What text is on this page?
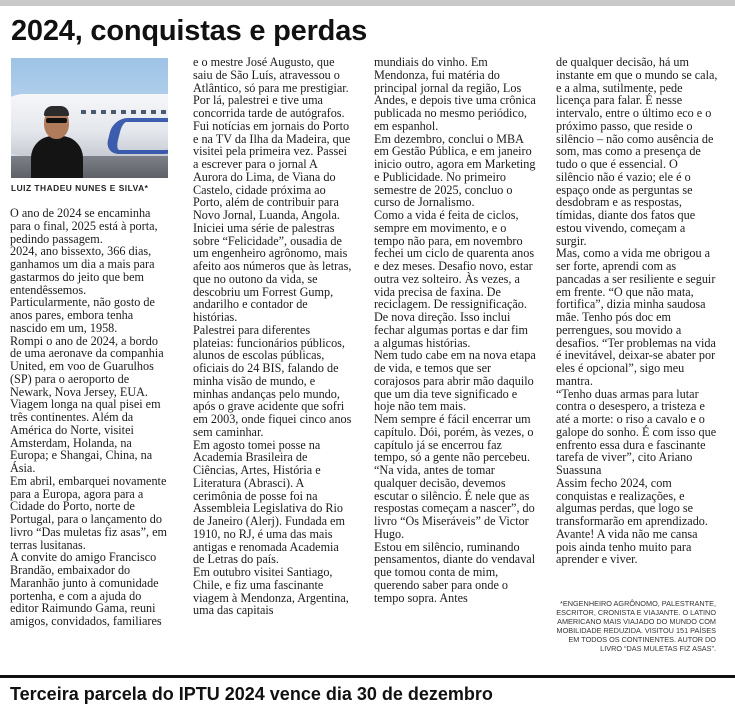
2024, conquistas e perdas
LUIZ THADEU NUNES E SILVA*
O ano de 2024 se encaminha para o final, 2025 está à porta, pedindo passagem.
2024, ano bissexto, 366 dias, ganhamos um dia a mais para gastarmos do jeito que bem entendêssemos.
Particularmente, não gosto de anos pares, embora tenha nascido em um, 1958.
Rompi o ano de 2024, a bordo de uma aeronave da companhia United, em voo de Guarulhos (SP) para o aeroporto de Newark, Nova Jersey, EUA. Viagem longa na qual pisei em três continentes. Além da América do Norte, visitei Amsterdam, Holanda, na Europa; e Shangai, China, na Ásia.
Em abril, embarquei novamente para a Europa, agora para a Cidade do Porto, norte de Portugal, para o lançamento do livro “Das muletas fiz asas”, em terras lusitanas.
A convite do amigo Francisco Brandão, embaixador do Maranhão junto à comunidade portenha, e com a ajuda do editor Raimundo Gama, reuni amigos, convidados, familiares
e o mestre José Augusto, que saiu de São Luís, atravessou o Atlântico, só para me prestigiar. Por lá, palestrei e tive uma concorrida tarde de autógrafos.
Fui notícias em jornais do Porto e na TV da Ilha da Madeira, que visitei pela primeira vez. Passei a escrever para o jornal A Aurora do Lima, de Viana do Castelo, cidade próxima ao Porto, além de contribuir para Novo Jornal, Luanda, Angola.
Iniciei uma série de palestras sobre “Felicidade”, ousadia de um engenheiro agrônomo, mais afeito aos números que às letras, que no outono da vida, se descobriu um Forrest Gump, andarilho e contador de histórias.
Palestrei para diferentes plateias: funcionários públicos, alunos de escolas públicas, oficiais do 24 BIS, falando de minha visão de mundo, e minhas andanças pelo mundo, após o grave acidente que sofri em 2003, onde fiquei cinco anos sem caminhar.
Em agosto tomei posse na Academia Brasileira de Ciências, Artes, História e Literatura (Abrasci). A cerimônia de posse foi na Assembleia Legislativa do Rio de Janeiro (Alerj). Fundada em 1910, no RJ, é uma das mais antigas e renomada Academia de Letras do país.
Em outubro visitei Santiago, Chile, e fiz uma fascinante viagem à Mendonza, Argentina, uma das capitais
mundiais do vinho. Em Mendonza, fui matéria do principal jornal da região, Los Andes, e depois tive uma crônica publicada no mesmo periódico, em espanhol.
Em dezembro, conclui o MBA em Gestão Pública, e em janeiro inicio outro, agora em Marketing e Publicidade. No primeiro semestre de 2025, concluo o curso de Jornalismo.
Como a vida é feita de ciclos, sempre em movimento, e o tempo não para, em novembro fechei um ciclo de quarenta anos e dez meses. Desafio novo, estar outra vez solteiro. Às vezes, a vida precisa de faxina. De reciclagem. De ressignificação. De nova direção. Isso inclui fechar algumas portas e dar fim a algumas histórias.
Nem tudo cabe em na nova etapa de vida, e temos que ser corajosos para abrir mão daquilo que um dia teve significado e hoje não tem mais.
Nem sempre é fácil encerrar um capítulo. Dói, porém, às vezes, o capítulo já se encerrou faz tempo, só a gente não percebeu.
“Na vida, antes de tomar qualquer decisão, devemos escutar o silêncio. É nele que as respostas começam a nascer”, do livro “Os Miseráveis” de Victor Hugo.
Estou em silêncio, ruminando pensamentos, diante do vendaval que tomou conta de mim, querendo saber para onde o tempo sopra. Antes
de qualquer decisão, há um instante em que o mundo se cala, e a alma, sutilmente, pede licença para falar. É nesse intervalo, entre o último eco e o próximo passo, que reside o silêncio – não como ausência de som, mas como a presença de tudo o que é essencial. O silêncio não é vazio; ele é o espaço onde as perguntas se desdobram e as respostas, tímidas, diante dos fatos que estou vivendo, começam a surgir.
Mas, como a vida me obrigou a ser forte, aprendi com as pancadas a ser resiliente e seguir em frente. “O que não mata, fortifica”, dizia minha saudosa mãe. Tenho pós doc em perrengues, sou movido a desafios. “Ter problemas na vida é inevitável, deixar-se abater por eles é opcional”, sigo meu mantra.
“Tenho duas armas para lutar contra o desespero, a tristeza e até a morte: o riso a cavalo e o galope do sonho. É com isso que enfrento essa dura e fascinante tarefa de viver”, cito Ariano Suassuna
Assim fecho 2024, com conquistas e realizações, e algumas perdas, que logo se transformarão em aprendizado. Avante! A vida não me cansa pois ainda tenho muito para aprender e viver.
*ENGENHEIRO AGRÔNOMO, PALESTRANTE, ESCRITOR, CRONISTA E VIAJANTE. O LATINO AMERICANO MAIS VIAJADO DO MUNDO COM MOBILIDADE REDUZIDA. VISITOU 151 PAÍSES EM TODOS OS CONTINENTES. AUTOR DO LIVRO “DAS MULETAS FIZ ASAS”.
Terceira parcela do IPTU 2024 vence dia 30 de dezembro
